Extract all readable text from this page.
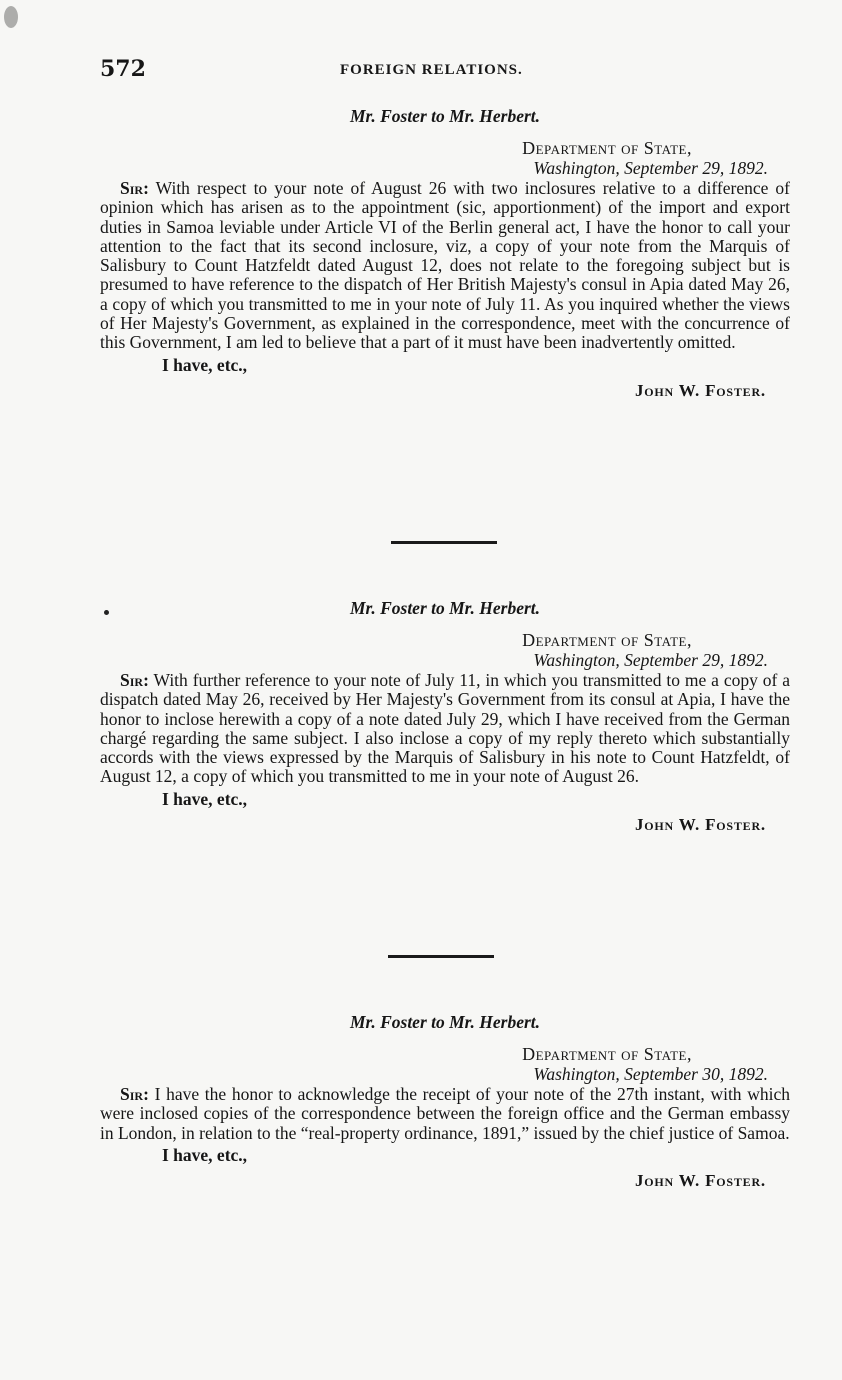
572	FOREIGN RELATIONS.
Mr. Foster to Mr. Herbert.
Department of State,
Washington, September 29, 1892.

Sir: With respect to your note of August 26 with two inclosures relative to a difference of opinion which has arisen as to the appointment (sic, apportionment) of the import and export duties in Samoa leviable under Article VI of the Berlin general act, I have the honor to call your attention to the fact that its second inclosure, viz, a copy of your note from the Marquis of Salisbury to Count Hatzfeldt dated August 12, does not relate to the foregoing subject but is presumed to have reference to the dispatch of Her British Majesty's consul in Apia dated May 26, a copy of which you transmitted to me in your note of July 11. As you inquired whether the views of Her Majesty's Government, as explained in the correspondence, meet with the concurrence of this Government, I am led to believe that a part of it must have been inadvertently omitted.

I have, etc.,
John W. Foster.
Mr. Foster to Mr. Herbert.
Department of State,
Washington, September 29, 1892.

Sir: With further reference to your note of July 11, in which you transmitted to me a copy of a dispatch dated May 26, received by Her Majesty's Government from its consul at Apia, I have the honor to inclose herewith a copy of a note dated July 29, which I have received from the German chargé regarding the same subject. I also inclose a copy of my reply thereto which substantially accords with the views expressed by the Marquis of Salisbury in his note to Count Hatzfeldt, of August 12, a copy of which you transmitted to me in your note of August 26.

I have, etc.,
John W. Foster.
Mr. Foster to Mr. Herbert.
Department of State,
Washington, September 30, 1892.

Sir: I have the honor to acknowledge the receipt of your note of the 27th instant, with which were inclosed copies of the correspondence between the foreign office and the German embassy in London, in relation to the “real-property ordinance, 1891,” issued by the chief justice of Samoa.

I have, etc.,
John W. Foster.
